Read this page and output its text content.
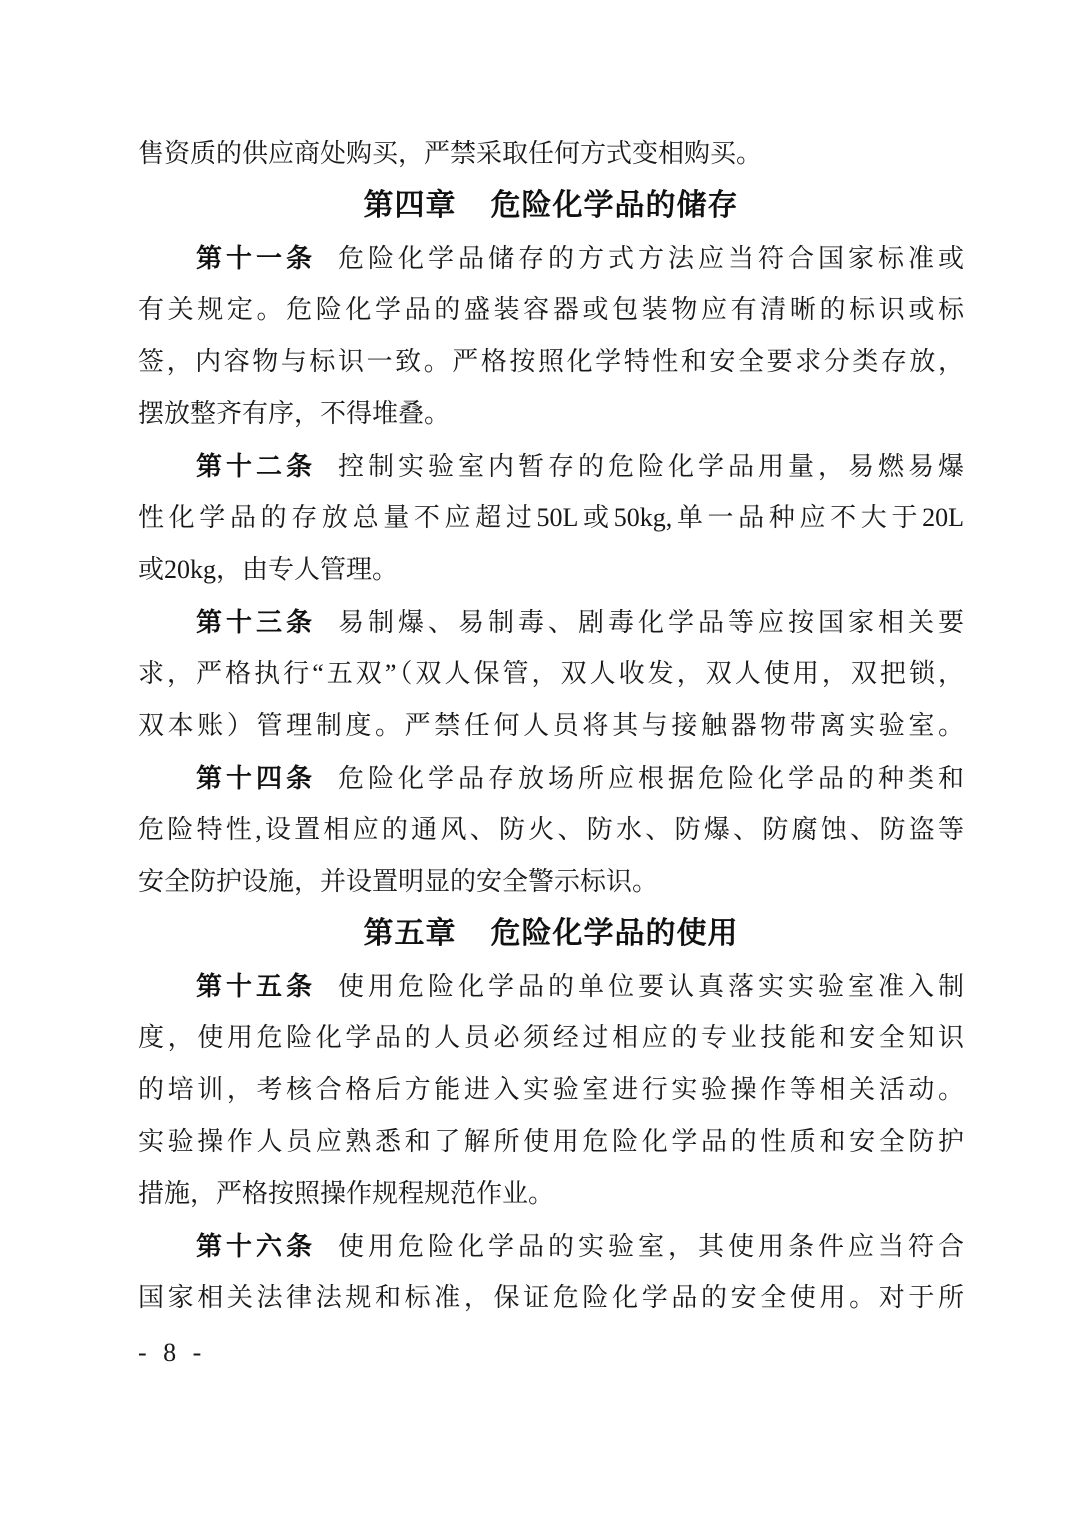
售资质的供应商处购买，严禁采取任何方式变相购买。
第四章 危险化学品的储存
第十一条 危险化学品储存的方式方法应当符合国家标准或
有关规定。危险化学品的盛装容器或包装物应有清晰的标识或标
签，内容物与标识一致。严格按照化学特性和安全要求分类存放，
摆放整齐有序，不得堆叠。
第十二条 控制实验室内暂存的危险化学品用量，易燃易爆
性化学品的存放总量不应超过50L或50kg,单一品种应不大于20L
或20kg，由专人管理。
第十三条 易制爆、易制毒、剧毒化学品等应按国家相关要
求，严格执行“五双”（双人保管，双人收发，双人使用，双把锁，
双本账）管理制度。严禁任何人员将其与接触器物带离实验室。
第十四条 危险化学品存放场所应根据危险化学品的种类和
危险特性,设置相应的通风、防火、防水、防爆、防腐蚀、防盗等
安全防护设施，并设置明显的安全警示标识。
第五章 危险化学品的使用
第十五条 使用危险化学品的单位要认真落实实验室准入制
度，使用危险化学品的人员必须经过相应的专业技能和安全知识
的培训，考核合格后方能进入实验室进行实验操作等相关活动。
实验操作人员应熟悉和了解所使用危险化学品的性质和安全防护
措施，严格按照操作规程规范作业。
第十六条 使用危险化学品的实验室，其使用条件应当符合
国家相关法律法规和标准，保证危险化学品的安全使用。对于所
- 8 -
